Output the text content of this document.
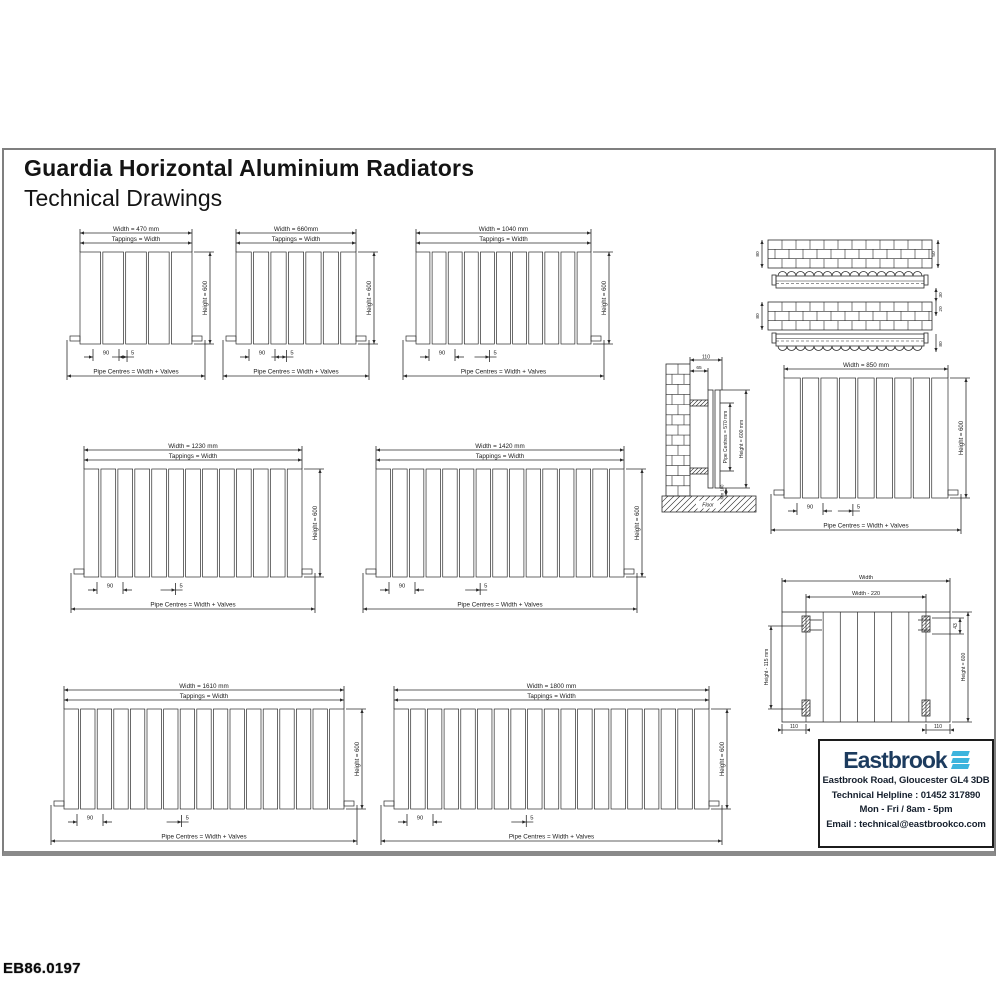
Guardia Horizontal Aluminium Radiators
Technical Drawings
Width = 470 mm
Tappings = Width
90	5
Pipe Centres = Width + Valves
Height = 600
Width = 660mm
Tappings = Width
90	5
Pipe Centres = Width + Valves
Height = 600
Width = 1040 mm
Tappings = Width
90	5
Pipe Centres = Width + Valves
Height = 600
Width = 1230 mm
Tappings = Width
90	5
Pipe Centres = Width + Valves
Height = 600
Width = 1420 mm
Tappings = Width
90	5
Pipe Centres = Width + Valves
Height = 600
Width = 1610 mm
Tappings = Width
90	5
Pipe Centres = Width + Valves
Height = 600
Width = 1800 mm
Tappings = Width
90	5
Pipe Centres = Width + Valves
Height = 600
Width = 850 mm
90	5
Pipe Centres = Width + Valves
Height = 600
80	50
30
20
80
80
Floor
110
65
Pipe Centres = 570 mm Height = 600 mm
Min 100
Width
Width - 220
Height - 115 mm
43
Height = 600
110	110
Eastbrook
Eastbrook Road, Gloucester GL4 3DB
Technical Helpline : 01452 317890
Mon - Fri / 8am - 5pm
Email : technical@eastbrookco.com
EB86.0197
